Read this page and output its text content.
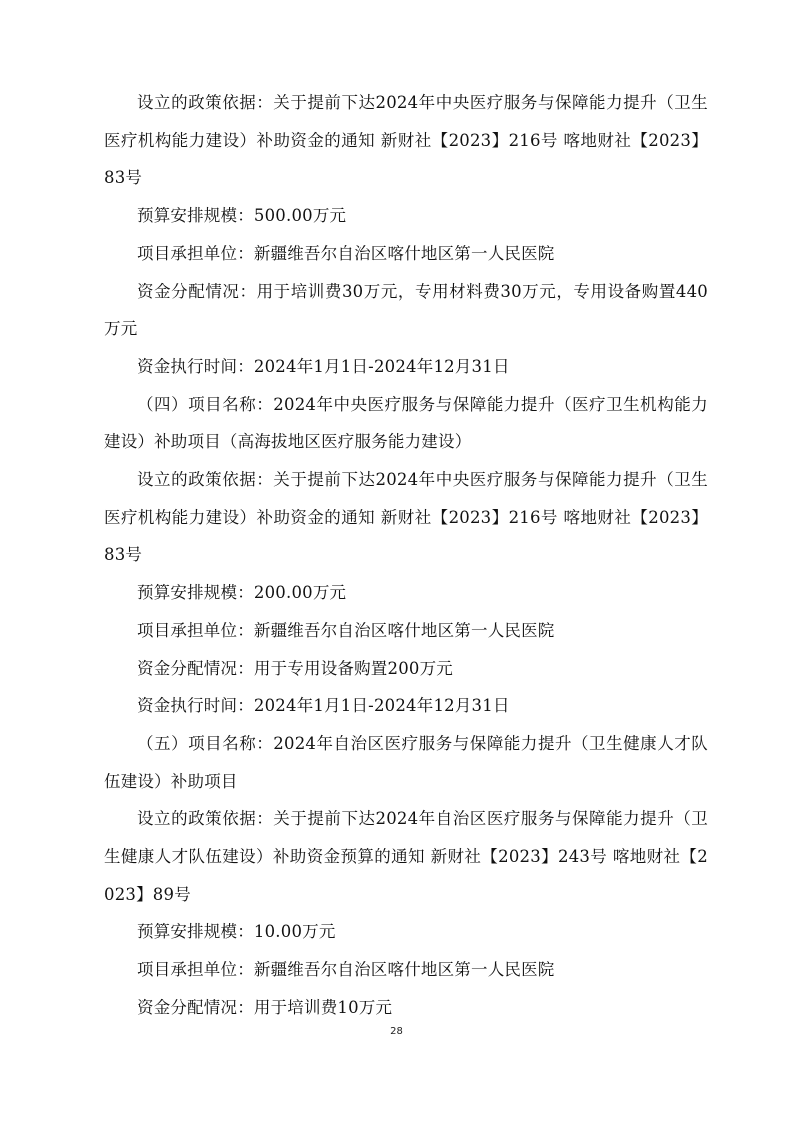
设立的政策依据：关于提前下达2024年中央医疗服务与保障能力提升（卫生医疗机构能力建设）补助资金的通知 新财社【2023】216号 喀地财社【2023】83号

预算安排规模：500.00万元

项目承担单位：新疆维吾尔自治区喀什地区第一人民医院

资金分配情况：用于培训费30万元，专用材料费30万元，专用设备购置440万元

资金执行时间：2024年1月1日-2024年12月31日

（四）项目名称：2024年中央医疗服务与保障能力提升（医疗卫生机构能力建设）补助项目（高海拔地区医疗服务能力建设）

设立的政策依据：关于提前下达2024年中央医疗服务与保障能力提升（卫生医疗机构能力建设）补助资金的通知 新财社【2023】216号 喀地财社【2023】83号

预算安排规模：200.00万元

项目承担单位：新疆维吾尔自治区喀什地区第一人民医院

资金分配情况：用于专用设备购置200万元

资金执行时间：2024年1月1日-2024年12月31日

（五）项目名称：2024年自治区医疗服务与保障能力提升（卫生健康人才队伍建设）补助项目

设立的政策依据：关于提前下达2024年自治区医疗服务与保障能力提升（卫生健康人才队伍建设）补助资金预算的通知 新财社【2023】243号 喀地财社【2023】89号

预算安排规模：10.00万元

项目承担单位：新疆维吾尔自治区喀什地区第一人民医院

资金分配情况：用于培训费10万元

28
